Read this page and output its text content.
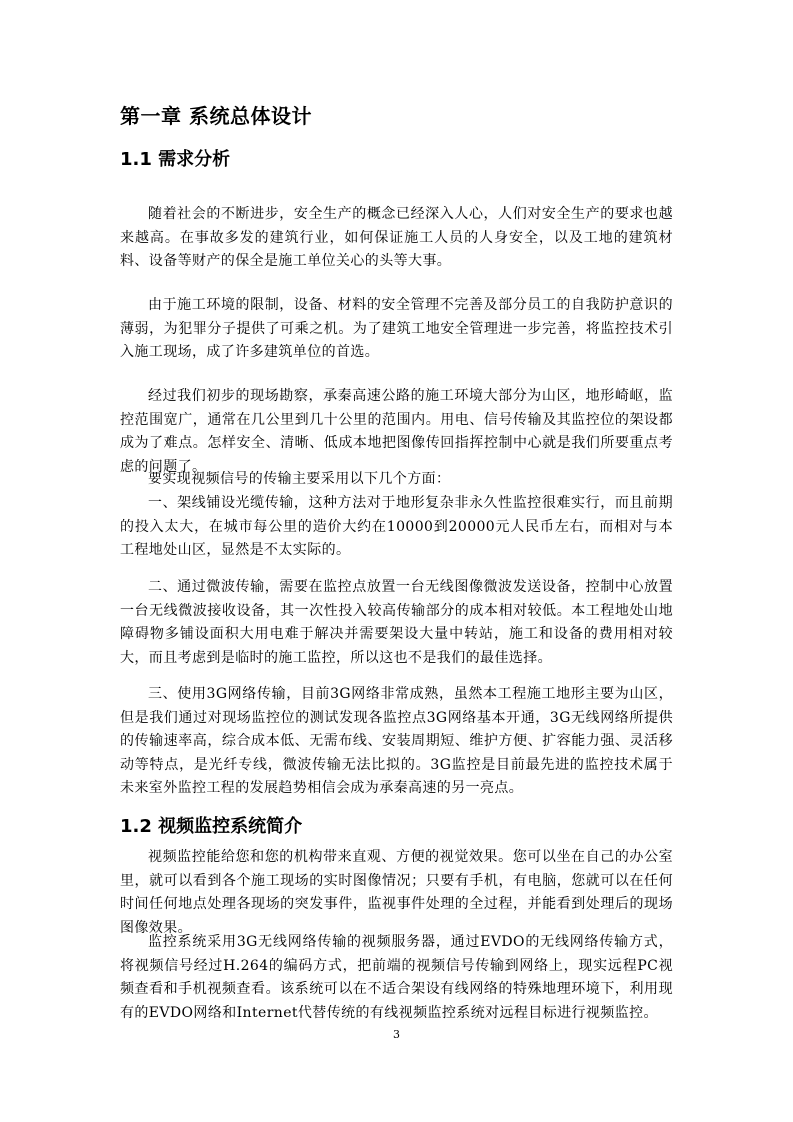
第一章 系统总体设计
1.1 需求分析

随着社会的不断进步，安全生产的概念已经深入人心，人们对安全生产的要求也越来越高。在事故多发的建筑行业，如何保证施工人员的人身安全，以及工地的建筑材料、设备等财产的保全是施工单位关心的头等大事。

由于施工环境的限制，设备、材料的安全管理不完善及部分员工的自我防护意识的薄弱，为犯罪分子提供了可乘之机。为了建筑工地安全管理进一步完善，将监控技术引入施工现场，成了许多建筑单位的首选。

经过我们初步的现场勘察，承秦高速公路的施工环境大部分为山区，地形崎岖，监控范围宽广，通常在几公里到几十公里的范围内。用电、信号传输及其监控位的架设都成为了难点。怎样安全、清晰、低成本地把图像传回指挥控制中心就是我们所要重点考虑的问题了。

要实现视频信号的传输主要采用以下几个方面：

一、架线铺设光缆传输，这种方法对于地形复杂非永久性监控很难实行，而且前期的投入太大，在城市每公里的造价大约在10000到20000元人民币左右，而相对与本工程地处山区，显然是不太实际的。

二、通过微波传输，需要在监控点放置一台无线图像微波发送设备，控制中心放置一台无线微波接收设备，其一次性投入较高传输部分的成本相对较低。本工程地处山地障碍物多铺设面积大用电难于解决并需要架设大量中转站，施工和设备的费用相对较大，而且考虑到是临时的施工监控，所以这也不是我们的最佳选择。

三、使用3G网络传输，目前3G网络非常成熟，虽然本工程施工地形主要为山区，但是我们通过对现场监控位的测试发现各监控点3G网络基本开通，3G无线网络所提供的传输速率高，综合成本低、无需布线、安装周期短、维护方便、扩容能力强、灵活移动等特点，是光纤专线，微波传输无法比拟的。3G监控是目前最先进的监控技术属于未来室外监控工程的发展趋势相信会成为承秦高速的另一亮点。

1.2 视频监控系统简介

视频监控能给您和您的机构带来直观、方便的视觉效果。您可以坐在自己的办公室里，就可以看到各个施工现场的实时图像情况；只要有手机，有电脑，您就可以在任何时间任何地点处理各现场的突发事件，监视事件处理的全过程，并能看到处理后的现场图像效果。

监控系统采用3G无线网络传输的视频服务器，通过EVDO的无线网络传输方式，将视频信号经过H.264的编码方式，把前端的视频信号传输到网络上，现实远程PC视频查看和手机视频查看。该系统可以在不适合架设有线网络的特殊地理环境下，利用现有的EVDO网络和Internet代替传统的有线视频监控系统对远程目标进行视频监控。

3
